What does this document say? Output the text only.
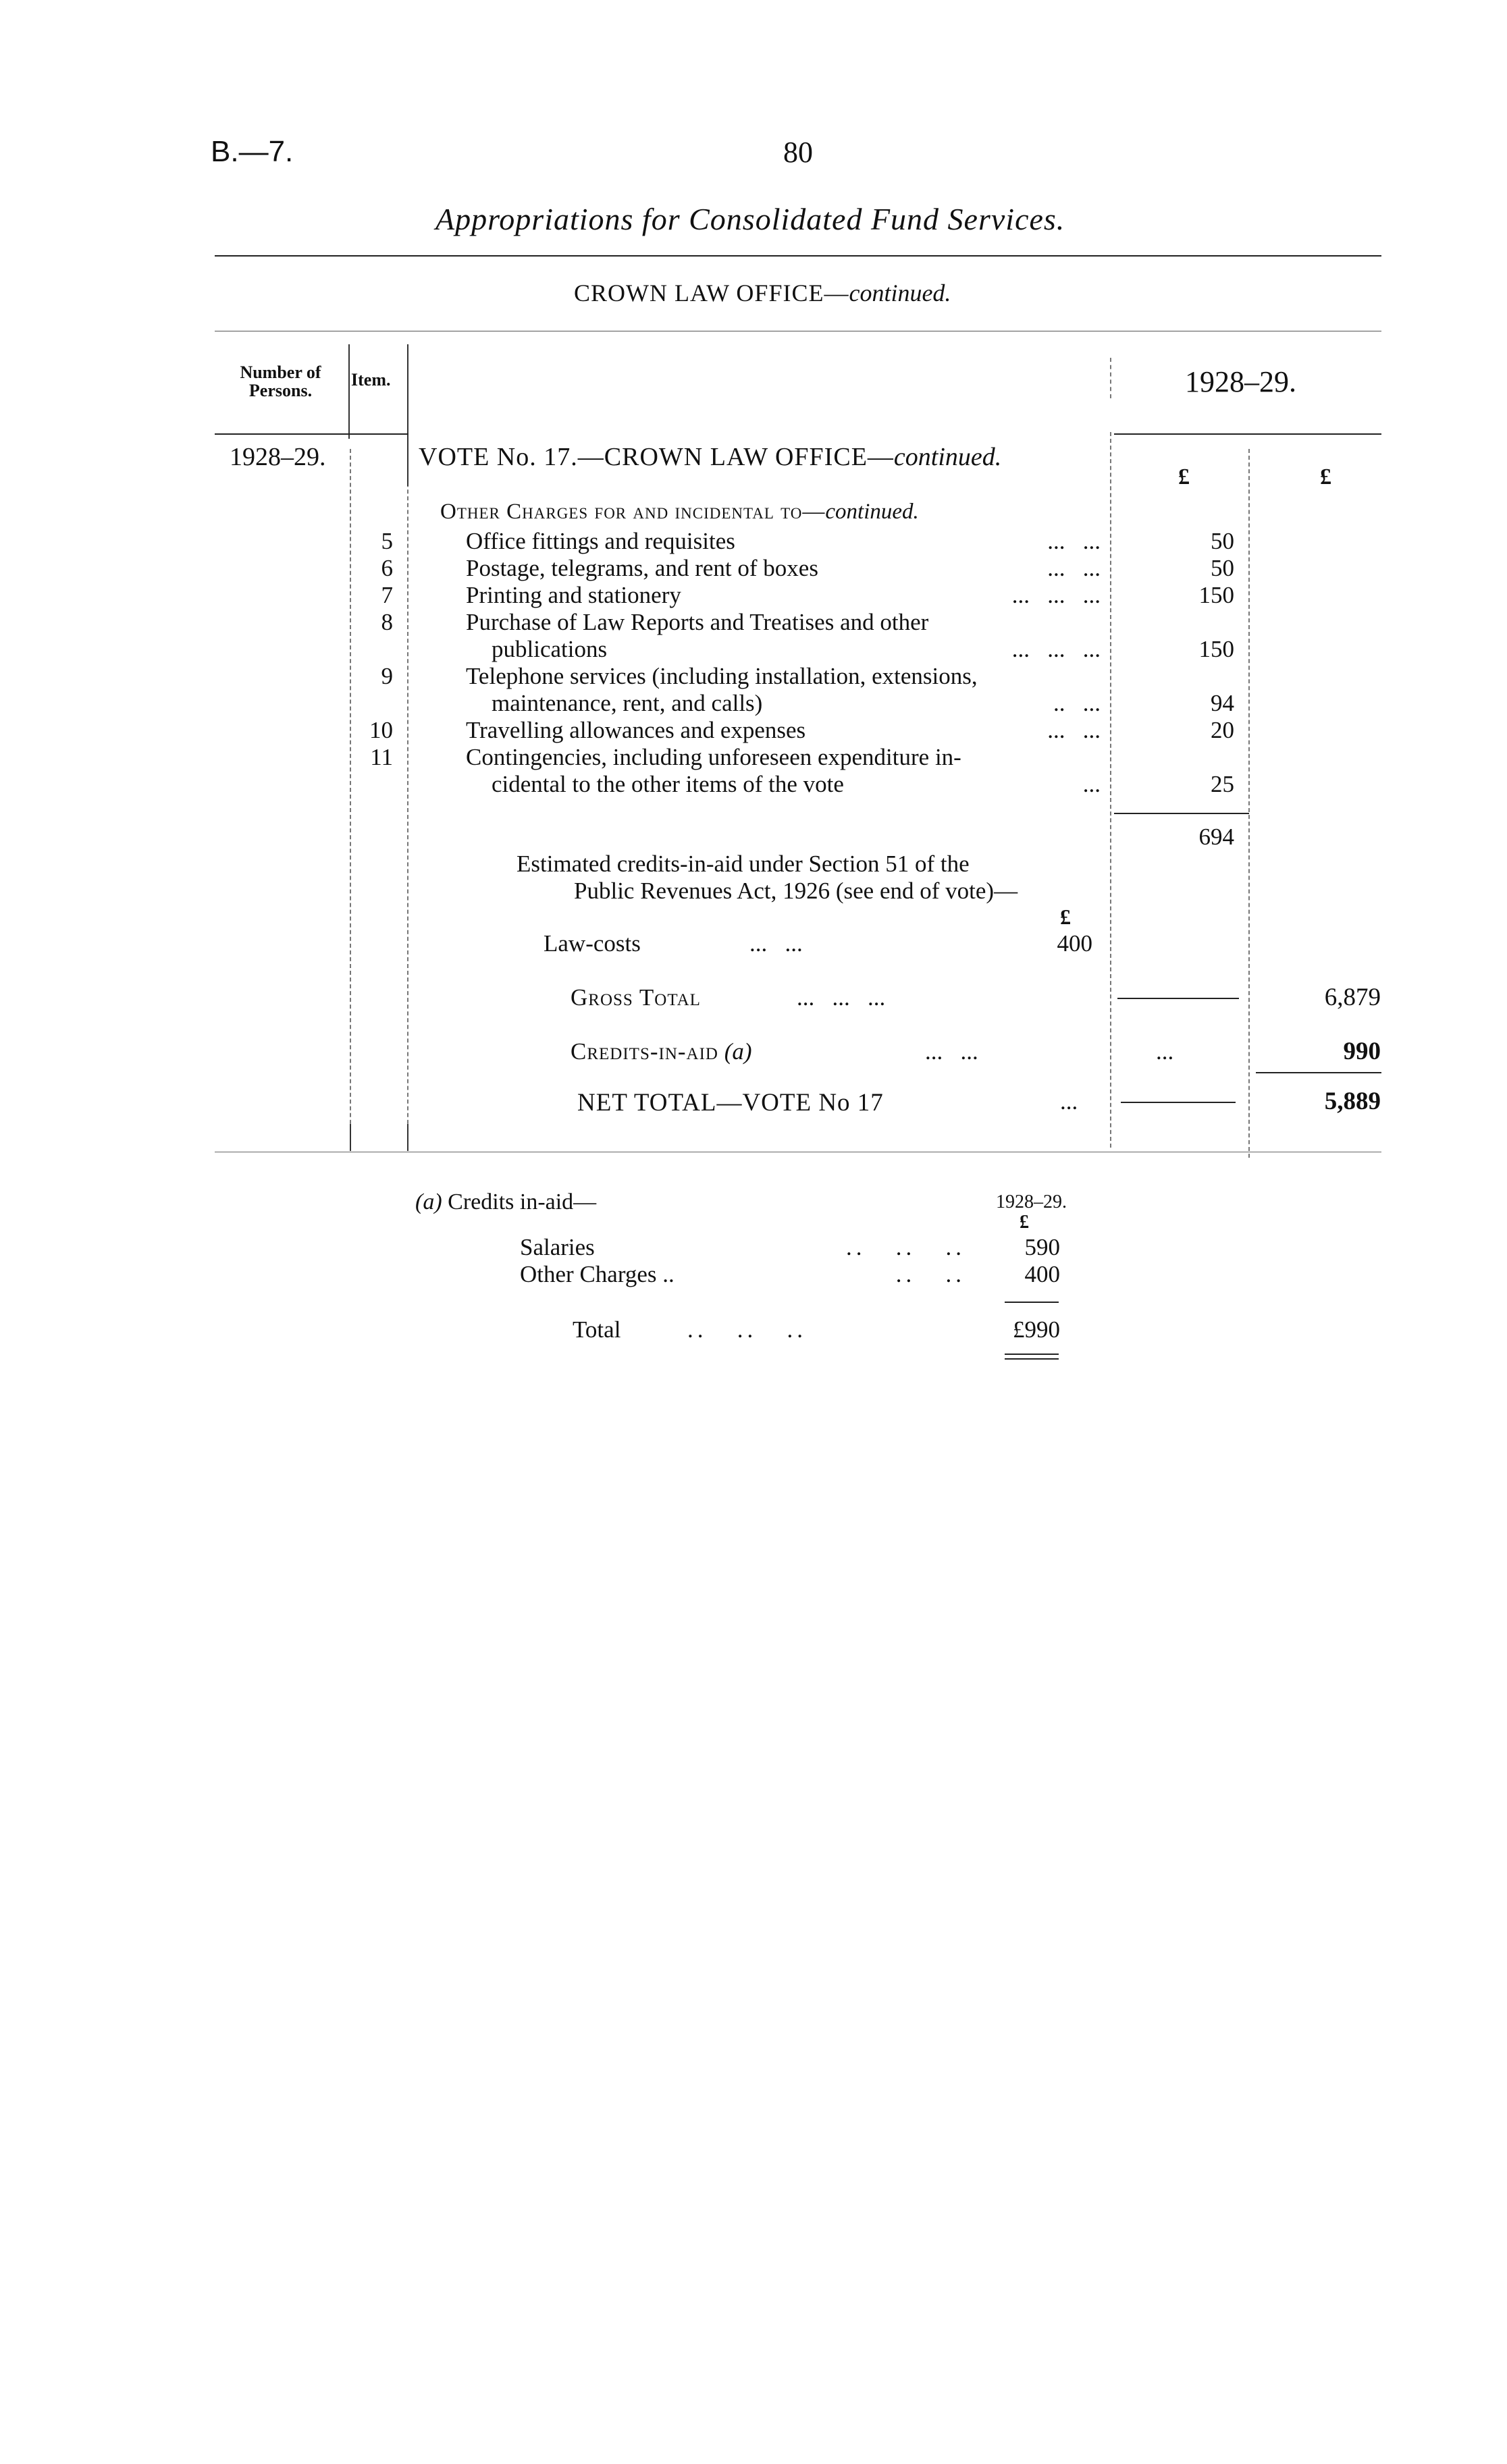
B.—7.	80
Appropriations for Consolidated Fund Services.
CROWN LAW OFFICE—continued.
Number of Persons.
Item.	1928–29.
1928–29.	VOTE No. 17.—CROWN LAW OFFICE—continued.
£	£
Other Charges for and incidental to—continued.
5	Office fittings and requisites	...   ...	50
6	Postage, telegrams, and rent of boxes	...   ...	50
7	Printing and stationery	...   ...   ...	150
8	Purchase of Law Reports and Treatises and other
publications	...   ...   ...	150
9	Telephone services (including installation, extensions,
maintenance, rent, and calls)	..   ...	94
10	Travelling allowances and expenses	...   ...	20
11	Contingencies, including unforeseen expenditure in-
cidental to the other items of the vote	...	25
694
Estimated credits-in-aid under Section 51 of the
Public Revenues Act, 1926 (see end of vote)—
£
Law-costs	...   ...	400
Gross Total	...   ...   ...	6,879
Credits-in-aid (a)	...   ...	...	990
NET TOTAL—VOTE No 17	...	5,889
(a) Credits in-aid—	1928–29.
£
Salaries	..   ..   ..	590
Other Charges ..	..   ..	400
Total	..   ..   ..	£990
